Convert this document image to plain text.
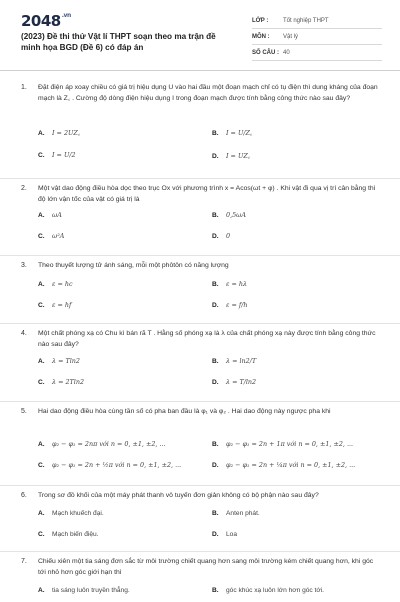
$2048^{.vn}$
(2023) Đề thi thử Vật lí THPT soạn theo ma trận đề minh họa BGD (Đề 6) có đáp án
LỚP :	Tốt nghiệp THPT
MÔN :	Vật lý
SỐ CÂU : 40
1. Đặt điện áp xoay chiều có giá trị hiệu dụng U vào hai đầu một đoạn mạch chỉ có tụ điện thì dung kháng của đoạn mạch là Z꜀ . Cường độ dòng điện hiệu dụng I trong đoạn mạch được tính bằng công thức nào sau đây?
A. I = 2UZ꜀	B. I = U/Z꜀
C. I = U/2	D. I = UZ꜀
2. Một vật dao động điều hòa dọc theo trục Ox với phương trình x = Acos(ωt + φ) . Khi vật đi qua vị trí cân bằng thì độ lớn vận tốc của vật có giá trị là
A. ωA	B. 0,5ωA
C. ω²A	D. 0
3. Theo thuyết lượng tử ánh sáng, mỗi một phôtôn có năng lượng
A. ε = hc	B. ε = hλ
C. ε = hf	D. ε = f/h
4. Một chất phóng xạ có Chu kì bán rã T . Hằng số phóng xạ là λ của chất phóng xạ này được tính bằng công thức nào sau đây?
A. λ = Tln2	B. λ = ln2/T
C. λ = 2Tln2	D. λ = T/ln2
5. Hai dao động điều hòa cùng tần số có pha ban đầu là φ₁ và φ₂ . Hai dao động này ngược pha khi
A. φ₂ − φ₁ = 2nπ với n = 0, ±1, ±2, ...	B. φ₂ − φ₁ = 2n + 1π với n = 0, ±1, ±2, ...
C. φ₂ − φ₁ = 2n + ½π với n = 0, ±1, ±2, ...	D. φ₂ − φ₁ = 2n + ¼π với n = 0, ±1, ±2, ...
6. Trong sơ đồ khối của một máy phát thanh vô tuyến đơn giản không có bộ phận nào sau đây?
A. Mạch khuếch đại.	B. Anten phát.
C. Mạch biến điệu.	D. Loa
7. Chiếu xiên một tia sáng đơn sắc từ môi trường chiết quang hơn sang môi trường kém chiết quang hơn, khi góc tới nhỏ hơn góc giới hạn thì
A. tia sáng luôn truyền thẳng.	B. góc khúc xạ luôn lớn hơn góc tới.
